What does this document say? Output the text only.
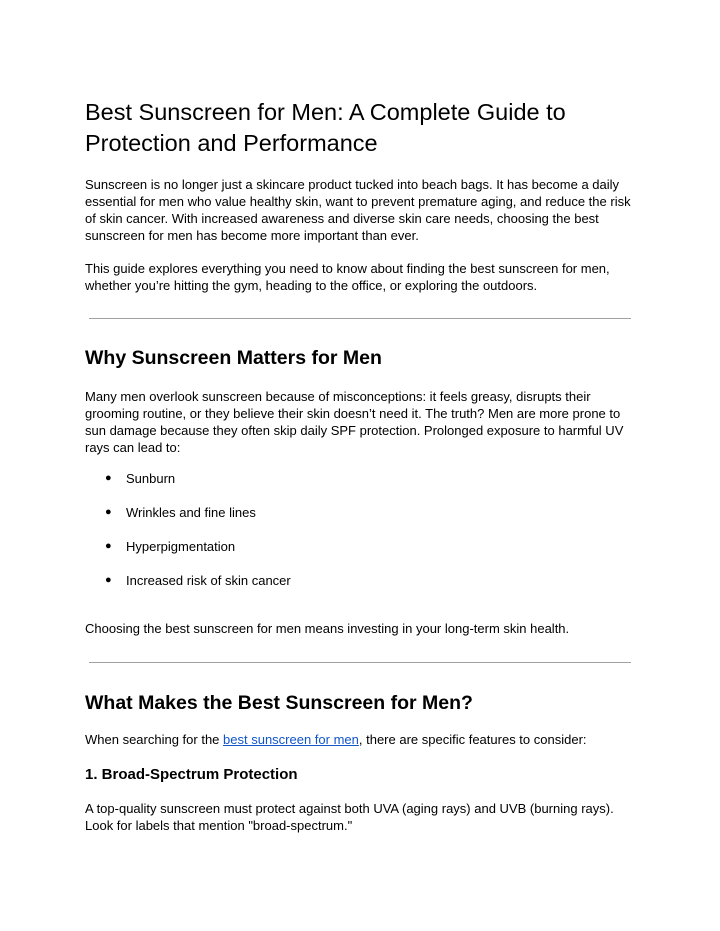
Best Sunscreen for Men: A Complete Guide to
Protection and Performance

Sunscreen is no longer just a skincare product tucked into beach bags. It has become a daily essential for men who value healthy skin, want to prevent premature aging, and reduce the risk of skin cancer. With increased awareness and diverse skin care needs, choosing the best sunscreen for men has become more important than ever.

This guide explores everything you need to know about finding the best sunscreen for men, whether you’re hitting the gym, heading to the office, or exploring the outdoors.

Why Sunscreen Matters for Men

Many men overlook sunscreen because of misconceptions: it feels greasy, disrupts their grooming routine, or they believe their skin doesn’t need it. The truth? Men are more prone to sun damage because they often skip daily SPF protection. Prolonged exposure to harmful UV rays can lead to:

● Sunburn
● Wrinkles and fine lines
● Hyperpigmentation
● Increased risk of skin cancer

Choosing the best sunscreen for men means investing in your long-term skin health.

What Makes the Best Sunscreen for Men?

When searching for the best sunscreen for men, there are specific features to consider:

1. Broad-Spectrum Protection

A top-quality sunscreen must protect against both UVA (aging rays) and UVB (burning rays). Look for labels that mention "broad-spectrum."
